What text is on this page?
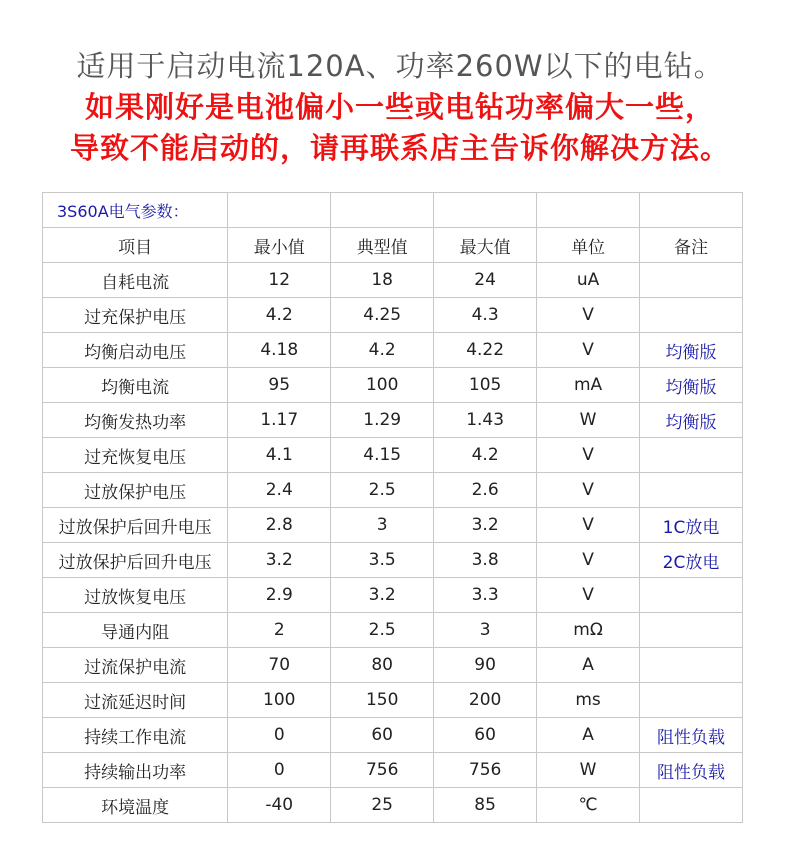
适用于启动电流120A、功率260W以下的电钻。
如果刚好是电池偏小一些或电钻功率偏大一些，
导致不能启动的，请再联系店主告诉你解决方法。
3S60A电气参数：					
项目	最小值	典型值	最大值	单位	备注
自耗电流	12	18	24	uA	
过充保护电压	4.2	4.25	4.3	V	
均衡启动电压	4.18	4.2	4.22	V	均衡版
均衡电流	95	100	105	mA	均衡版
均衡发热功率	1.17	1.29	1.43	W	均衡版
过充恢复电压	4.1	4.15	4.2	V	
过放保护电压	2.4	2.5	2.6	V	
过放保护后回升电压	2.8	3	3.2	V	1C放电
过放保护后回升电压	3.2	3.5	3.8	V	2C放电
过放恢复电压	2.9	3.2	3.3	V	
导通内阻	2	2.5	3	mΩ	
过流保护电流	70	80	90	A	
过流延迟时间	100	150	200	ms	
持续工作电流	0	60	60	A	阻性负载
持续输出功率	0	756	756	W	阻性负载
环境温度	-40	25	85	℃	
